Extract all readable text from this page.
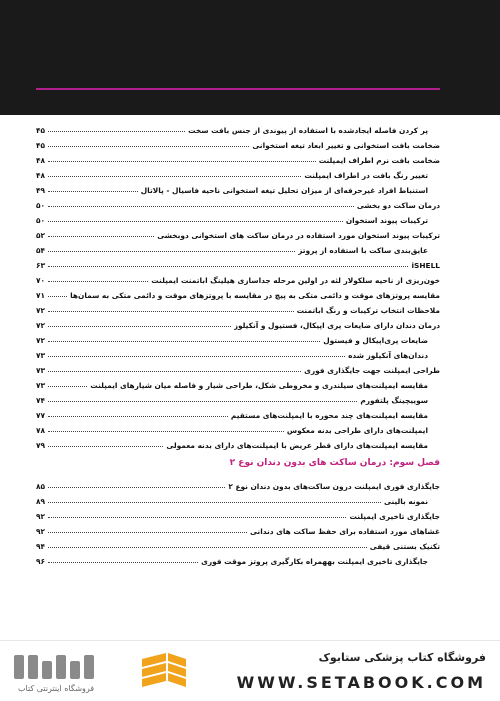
پر کردن فاصله ایجادشده با استفاده از پیوندی از جنس بافت سخت
۴۵
ضخامت بافت استخوانی و تغییر ابعاد تیغه استخوانی
۴۵
ضخامت بافت نرم اطراف ایمپلنت
۴۸
تغییر رنگ بافت در اطراف ایمپلنت
۴۸
استنباط افراد غیرحرفه‌ای از میزان تحلیل تیغه استخوانی ناحیه فاسیال - پالاتال
۴۹
درمان ساکت دو بخشی
۵۰
ترکیبات پیوند استخوان
۵۰
ترکیبات پیوند استخوان مورد استفاده در درمان ساکت های استخوانی دوبخشی
۵۲
عایق‌بندی ساکت با استفاده از پروتز
۵۴
iSHELL
۶۳
خون‌ریزی از ناحیه سلکولار لثه در اولین مرحله جداسازی هیلینگ اباتمنت ایمپلنت
۷۰
مقایسه پروتزهای موقت و دائمی متکی به پیچ در مقایسه با پروتزهای موقت و دائمی متکی به سمان‌ها
۷۱
ملاحظات انتخاب ترکیبات و رنگ اباتمنت
۷۲
درمان دندان دارای ضایعات پری اپیکال، فستیول و آنکیلوز
۷۲
ضایعات پری‌اپیکال و فیستول
۷۲
دندان‌های آنکیلوز شده
۷۳
طراحی ایمپلنت جهت جایگذاری فوری
۷۳
مقایسه ایمپلنت‌های سیلندری و مخروطی شکل، طراحی شیار و فاصله میان شیارهای ایمپلنت
۷۳
سوییچینگ پلتفورم
۷۴
مقایسه ایمپلنت‌های چند محوره با ایمپلنت‌های مستقیم
۷۷
ایمپلنت‌های دارای طراحی بدنه معکوس
۷۸
مقایسه ایمپلنت‌های دارای قطر عریض با ایمپلنت‌های دارای بدنه معمولی
۷۹
فصل سوم: درمان ساکت های بدون دندان نوع ۲
جایگذاری فوری ایمپلنت درون ساکت‌های بدون دندان نوع ۲
۸۵
نمونه بالینی
۸۹
جایگذاری تاخیری ایمپلنت
۹۲
غشاهای مورد استفاده برای حفظ ساکت های دندانی
۹۲
تکنیک بستنی قیفی
۹۴
جایگذاری تاخیری ایمپلنت بههمراه بکارگیری پروتز موقت فوری
۹۶
فروشگاه اینترنتی کتاب
فروشگاه کتاب پزشکی ستابوک
WWW.SETABOOK.COM
